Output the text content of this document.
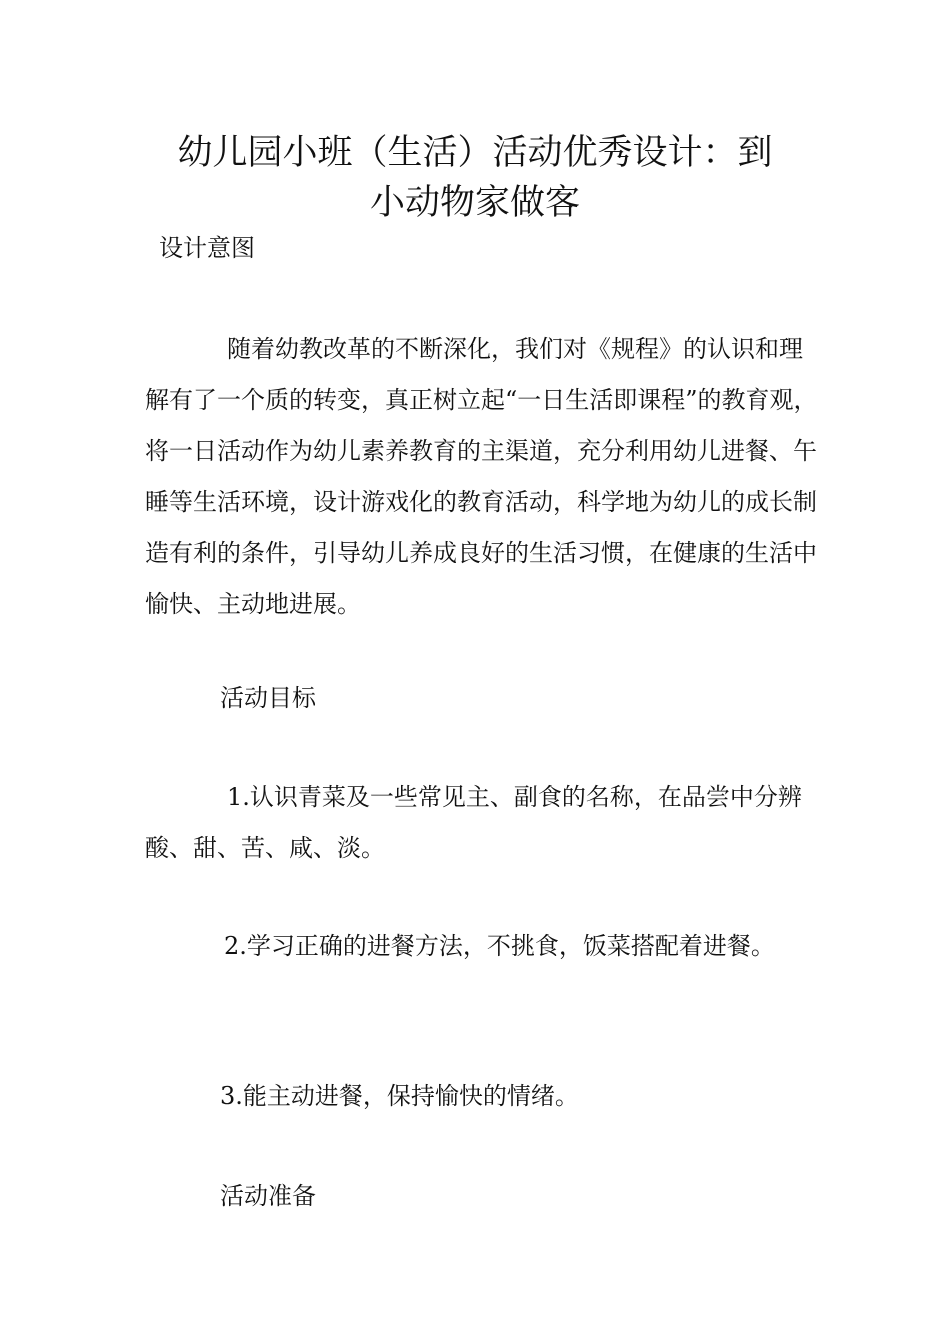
幼儿园小班（生活）活动优秀设计：到
小动物家做客
设计意图
随着幼教改革的不断深化，我们对《规程》的认识和理解有了一个质的转变，真正树立起“一日生活即课程”的教育观，将一日活动作为幼儿素养教育的主渠道，充分利用幼儿进餐、午睡等生活环境，设计游戏化的教育活动，科学地为幼儿的成长制造有利的条件，引导幼儿养成良好的生活习惯，在健康的生活中愉快、主动地进展。
活动目标
1.认识青菜及一些常见主、副食的名称，在品尝中分辨酸、甜、苦、咸、淡。
2.学习正确的进餐方法，不挑食，饭菜搭配着进餐。
3.能主动进餐，保持愉快的情绪。
活动准备
